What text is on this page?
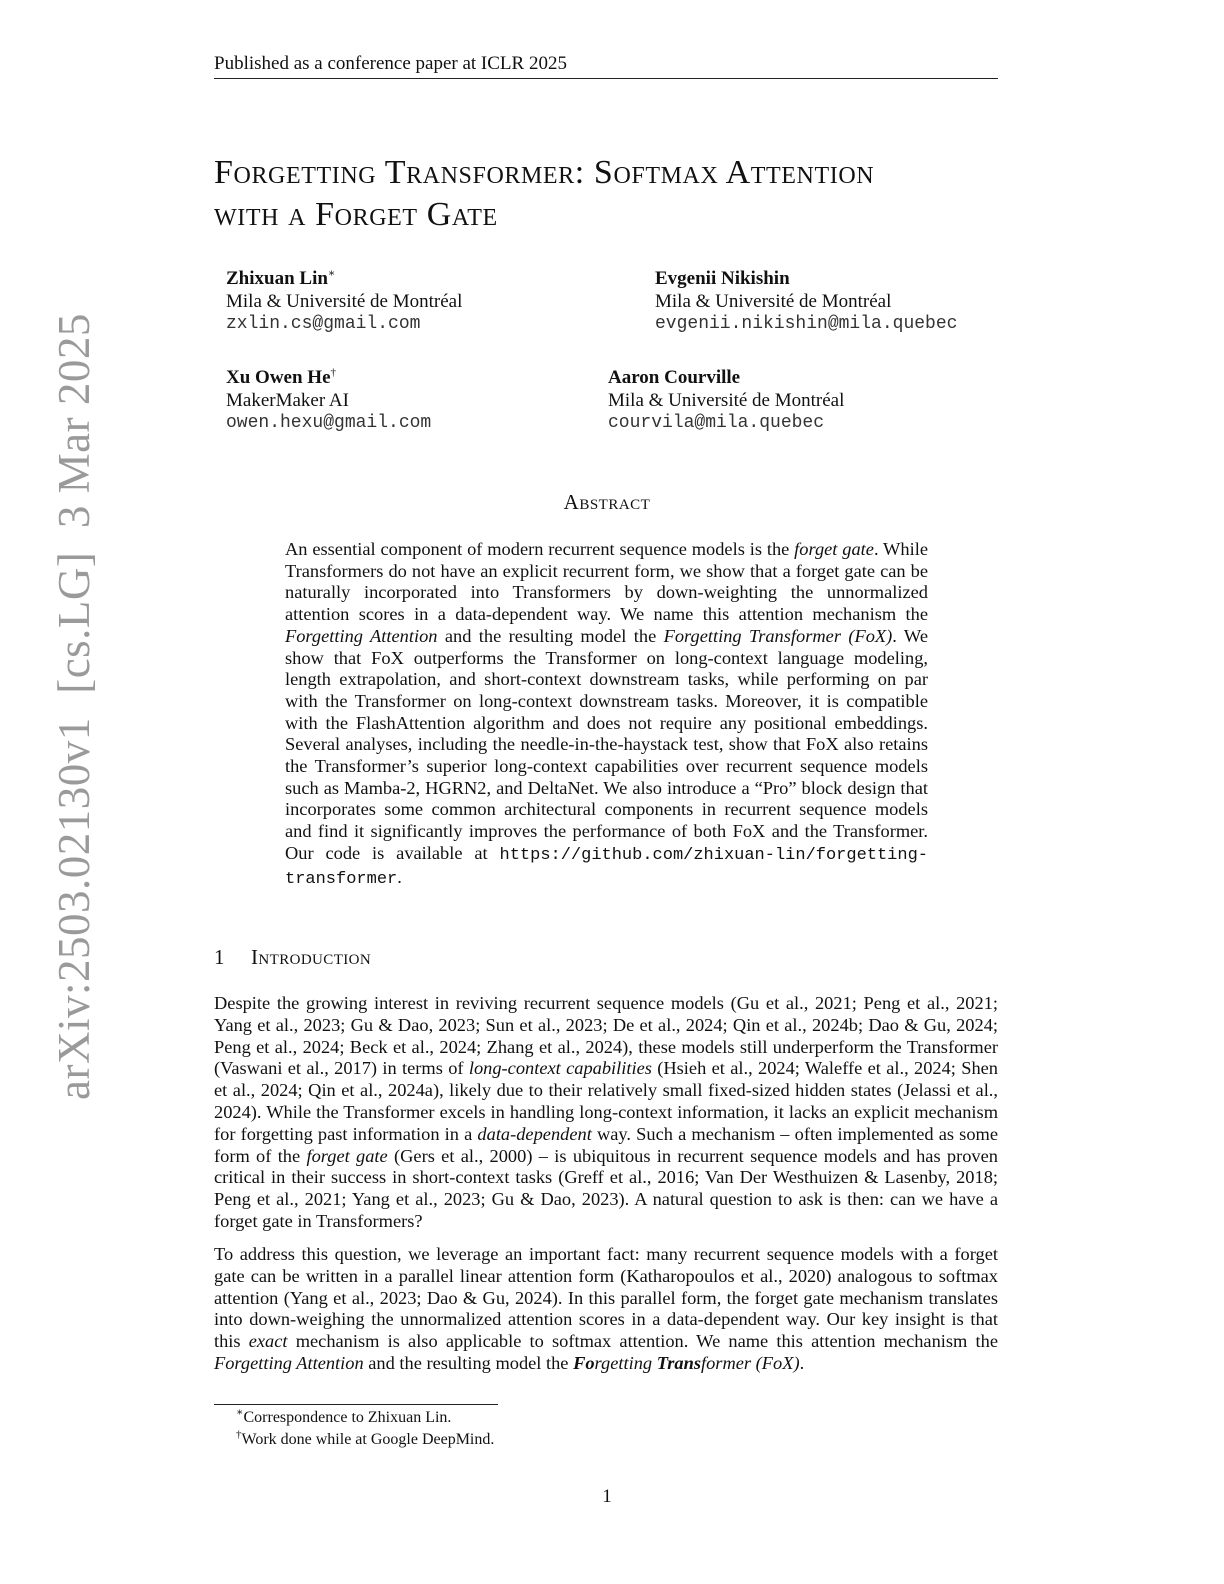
Published as a conference paper at ICLR 2025
Forgetting Transformer: Softmax Attention
with a Forget Gate
Zhixuan Lin∗
Mila & Université de Montréal
zxlin.cs@gmail.com
Evgenii Nikishin
Mila & Université de Montréal
evgenii.nikishin@mila.quebec
Xu Owen He†
MakerMaker AI
owen.hexu@gmail.com
Aaron Courville
Mila & Université de Montréal
courvila@mila.quebec
Abstract
An essential component of modern recurrent sequence models is the forget gate. While Transformers do not have an explicit recurrent form, we show that a forget gate can be naturally incorporated into Transformers by down-weighting the unnormalized attention scores in a data-dependent way. We name this attention mechanism the Forgetting Attention and the resulting model the Forgetting Transformer (FoX). We show that FoX outperforms the Transformer on long-context language modeling, length extrapolation, and short-context downstream tasks, while performing on par with the Transformer on long-context downstream tasks. Moreover, it is compatible with the FlashAttention algorithm and does not require any positional embeddings. Several analyses, including the needle-in-the-haystack test, show that FoX also retains the Transformer’s superior long-context capabilities over recurrent sequence models such as Mamba-2, HGRN2, and DeltaNet. We also introduce a “Pro” block design that incorporates some common architectural components in recurrent sequence models and find it significantly improves the performance of both FoX and the Transformer. Our code is available at https://github.com/zhixuan-lin/forgetting-transformer.
1 Introduction
Despite the growing interest in reviving recurrent sequence models (Gu et al., 2021; Peng et al., 2021; Yang et al., 2023; Gu & Dao, 2023; Sun et al., 2023; De et al., 2024; Qin et al., 2024b; Dao & Gu, 2024; Peng et al., 2024; Beck et al., 2024; Zhang et al., 2024), these models still underperform the Transformer (Vaswani et al., 2017) in terms of long-context capabilities (Hsieh et al., 2024; Waleffe et al., 2024; Shen et al., 2024; Qin et al., 2024a), likely due to their relatively small fixed-sized hidden states (Jelassi et al., 2024). While the Transformer excels in handling long-context information, it lacks an explicit mechanism for forgetting past information in a data-dependent way. Such a mechanism – often implemented as some form of the forget gate (Gers et al., 2000) – is ubiquitous in recurrent sequence models and has proven critical in their success in short-context tasks (Greff et al., 2016; Van Der Westhuizen & Lasenby, 2018; Peng et al., 2021; Yang et al., 2023; Gu & Dao, 2023). A natural question to ask is then: can we have a forget gate in Transformers?
To address this question, we leverage an important fact: many recurrent sequence models with a forget gate can be written in a parallel linear attention form (Katharopoulos et al., 2020) analogous to softmax attention (Yang et al., 2023; Dao & Gu, 2024). In this parallel form, the forget gate mechanism translates into down-weighing the unnormalized attention scores in a data-dependent way. Our key insight is that this exact mechanism is also applicable to softmax attention. We name this attention mechanism the Forgetting Attention and the resulting model the Forgetting Transformer (FoX).
∗Correspondence to Zhixuan Lin.
†Work done while at Google DeepMind.
1
arXiv:2503.02130v1  [cs.LG]  3 Mar 2025
